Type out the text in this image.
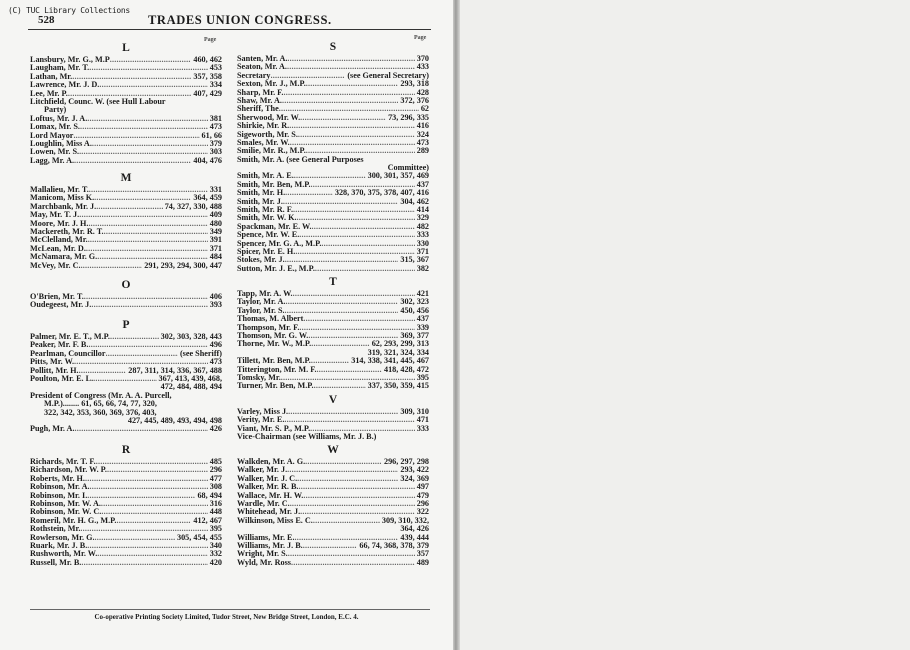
(C) TUC Library Collections
528	TRADES UNION CONGRESS.
Page	Page
L
Lansbury, Mr. G., M.P .....	460, 462
Laugham, Mr. T. .....	453
Lathan, Mr. .....	357, 358
Lawrence, Mr. J. D. .....	334
Lee, Mr. P. .....	407, 429
Litchfield, Counc. W. (see Hull Labour
Party)
Loftus, Mr. J. A. .....	381
Lomax, Mr. S. .....	473
Lord Mayor .....	61, 66
Loughlin, Miss A. .....	379
Lowen, Mr. S. .....	303
Lagg, Mr. A. .....	404, 476
M
Mallalieu, Mr. T. .....	331
Manicom, Miss K. .....	364, 459
Marchbank, Mr. J. .....	74, 327, 330, 488
May, Mr. T. J. .....	409
Moore, Mr. J. H. .....	480
Mackereth, Mr. R. T. .....	349
McClelland, Mr. .....	391
McLean, Mr. D. .....	371
McNamara, Mr. G. .....	484
McVey, Mr. C. .....	291, 293, 294, 300, 447
O
O'Brien, Mr. T. .....	406
Oudegeest, Mr. J. .....	393
P
Palmer, Mr. E. T., M.P. .....	302, 303, 328, 443
Peaker, Mr. F. B. .....	496
Pearlman, Councillor .....	(see Sheriff)
Pitts, Mr. W. .....	473
Pollitt, Mr. H. .....	287, 311, 314, 336, 367, 488
Poulton, Mr. E. L. .....	367, 413, 439, 468,
472, 484, 488, 494
President of Congress (Mr. A. A. Purcell,
M.P.)........ 61, 65, 66, 74, 77, 320,
322, 342, 353, 360, 369, 376, 403,
427, 445, 489, 493, 494, 498
Pugh, Mr. A. .....	426
R
Richards, Mr. T. F. .....	485
Richardson, Mr. W. P. .....	296
Roberts, Mr. H. .....	477
Robinson, Mr. A. .....	308
Robinson, Mr. I. .....	68, 494
Robinson, Mr. W. A. .....	316
Robinson, Mr. W. C. .....	448
Romeril, Mr. H. G., M.P. .....	412, 467
Rothstein, Mr. .....	395
Rowlerson, Mr. G. .....	305, 454, 455
Ruark, Mr. J. B. .....	340
Rushworth, Mr. W. .....	332
Russell, Mr. B. .....	420
S
Santen, Mr. A. .....	370
Seaton, Mr. A. .....	433
Secretary .....	(see General Secretary)
Sexton, Mr. J., M.P. .....	293, 318
Sharp, Mr. F. .....	428
Shaw, Mr. A. .....	372, 376
Sheriff, The .....	62
Sherwood, Mr. W. .....	73, 296, 335
Shirkie, Mr. R. .....	416
Sigeworth, Mr. S. .....	324
Smales, Mr. W. .....	473
Smilie, Mr. R., M.P. .....	289
Smith, Mr. A. (see General Purposes
Committee)
Smith, Mr. A. E. .....	300, 301, 357, 469
Smith, Mr. Ben, M.P. .....	437
Smith, Mr. H. .....	328, 370, 375, 378, 407, 416
Smith, Mr. J. .....	304, 462
Smith, Mr. R. F. .....	414
Smith, Mr. W. K. .....	329
Spackman, Mr. E. W. .....	482
Spence, Mr. W. E. .....	333
Spencer, Mr. G. A., M.P. .....	330
Spicer, Mr. E. H. .....	371
Stokes, Mr. J. .....	315, 367
Sutton, Mr. J. E., M.P. .....	382
T
Tapp, Mr. A. W. .....	421
Taylor, Mr. A. .....	302, 323
Taylor, Mr. S. .....	450, 456
Thomas, M. Albert .....	437
Thompson, Mr. F. .....	339
Thomson, Mr. G. W. .....	369, 377
Thorne, Mr. W., M.P. .....	62, 293, 299, 313
319, 321, 324, 334
Tillett, Mr. Ben, M.P. .....	314, 338, 341, 445, 467
Titterington, Mr. M. F. .....	418, 428, 472
Tomsky, Mr. .....	395
Turner, Mr. Ben, M.P. .....	337, 350, 359, 415
V
Varley, Miss J. .....	309, 310
Verity, Mr. E. .....	471
Viant, Mr. S. P., M.P. .....	333
Vice-Chairman (see Williams, Mr. J. B.)
W
Walkden, Mr. A. G. .....	296, 297, 298
Walker, Mr. J. .....	293, 422
Walker, Mr. J. C. .....	324, 369
Walker, Mr. R. B. .....	497
Wallace, Mr. H. W. .....	479
Wardle, Mr. C. .....	296
Whitehead, Mr. J. .....	322
Wilkinson, Miss E. C. .....	309, 310, 332,
364, 426
Williams, Mr. E. .....	439, 444
Williams, Mr. J. B. .....	66, 74, 368, 378, 379
Wright, Mr. S. .....	357
Wyld, Mr. Ross .....	489
Co-operative Printing Society Limited, Tudor Street, New Bridge Street, London, E.C. 4.
